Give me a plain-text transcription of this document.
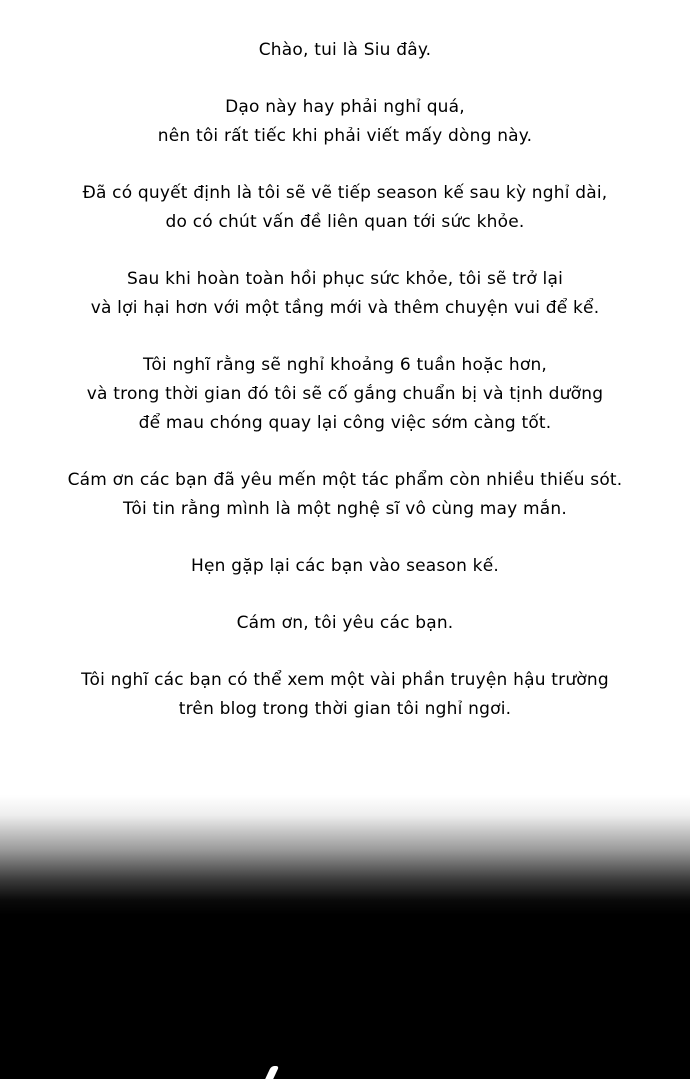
Chào, tui là Siu đây.

Dạo này hay phải nghỉ quá,
nên tôi rất tiếc khi phải viết mấy dòng này.

Đã có quyết định là tôi sẽ vẽ tiếp season kế sau kỳ nghỉ dài,
do có chút vấn đề liên quan tới sức khỏe.

Sau khi hoàn toàn hồi phục sức khỏe, tôi sẽ trở lại
và lợi hại hơn với một tầng mới và thêm chuyện vui để kể.

Tôi nghĩ rằng sẽ nghỉ khoảng 6 tuần hoặc hơn,
và trong thời gian đó tôi sẽ cố gắng chuẩn bị và tịnh dưỡng
để mau chóng quay lại công việc sớm càng tốt.

Cám ơn các bạn đã yêu mến một tác phẩm còn nhiều thiếu sót.
Tôi tin rằng mình là một nghệ sĩ vô cùng may mắn.

Hẹn gặp lại các bạn vào season kế.

Cám ơn, tôi yêu các bạn.

Tôi nghĩ các bạn có thể xem một vài phần truyện hậu trường
trên blog trong thời gian tôi nghỉ ngơi.
